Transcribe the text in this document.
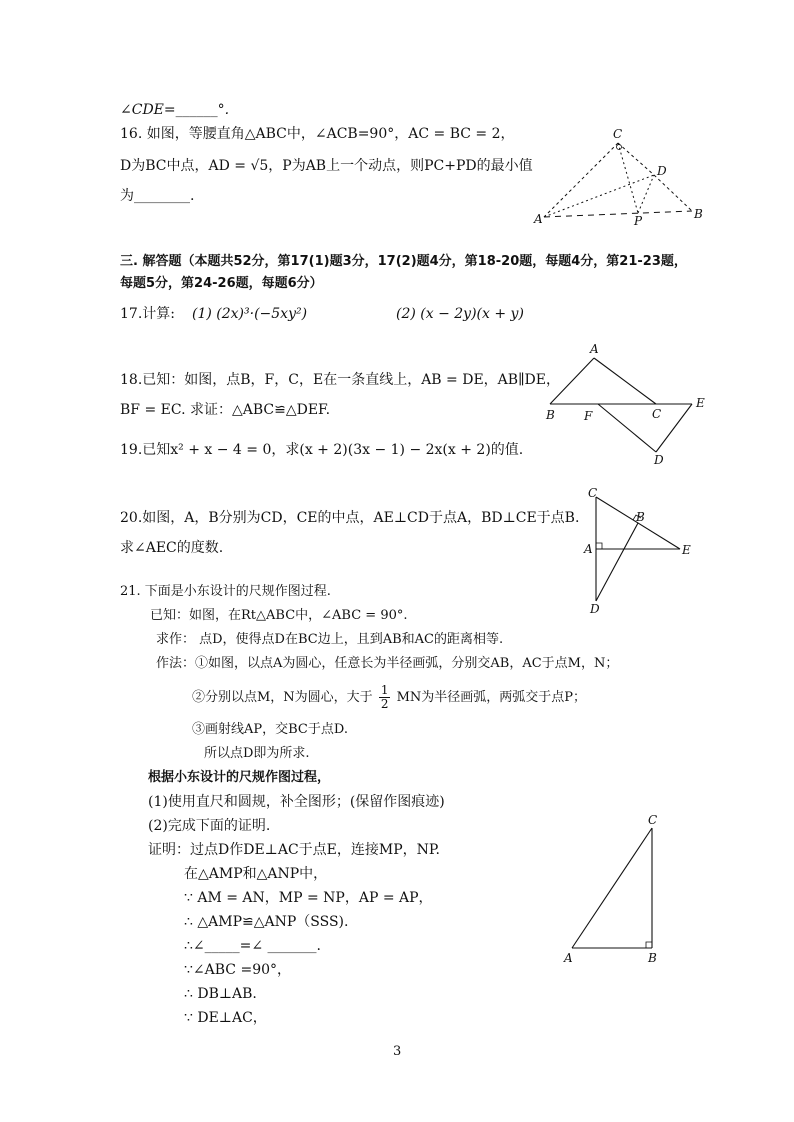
∠CDE=______°.
16. 如图，等腰直角△ABC中，∠ACB=90°，AC = BC = 2，
D为BC中点，AD = √5，P为AB上一个动点，则PC+PD的最小值
为________.
C
D
A	P	B
三. 解答题（本题共52分，第17(1)题3分，17(2)题4分，第18-20题，每题4分，第21-23题，
每题5分，第24-26题，每题6分）
17.计算: (1) (2x)³·(−5xy²)	(2) (x − 2y)(x + y)
18.已知：如图，点B，F，C，E在一条直线上，AB = DE，AB∥DE，
BF = EC. 求证：△ABC≌△DEF.
A
B F	C
E
D
19.已知x² + x − 4 = 0，求(x + 2)(3x − 1) − 2x(x + 2)的值.
20.如图，A，B分别为CD，CE的中点，AE⊥CD于点A，BD⊥CE于点B.
求∠AEC的度数.
C
B
A	E
D
21. 下面是小东设计的尺规作图过程.
已知：如图，在Rt△ABC中，∠ABC = 90°.
求作： 点D，使得点D在BC边上，且到AB和AC的距离相等.
作法：①如图，以点A为圆心，任意长为半径画弧，分别交AB，AC于点M，N；
②分别以点M，N为圆心，大于 $\frac{1}{2}$ MN为半径画弧，两弧交于点P；
③画射线AP，交BC于点D.
所以点D即为所求.
根据小东设计的尺规作图过程，
(1)使用直尺和圆规，补全图形；(保留作图痕迹)
(2)完成下面的证明.
证明：过点D作DE⊥AC于点E，连接MP，NP.
在△AMP和△ANP中，
∵ AM = AN，MP = NP，AP = AP，
∴ △AMP≌△ANP（SSS).
∴∠_____=∠ _______.
∵∠ABC =90°，
∴ DB⊥AB.
∵ DE⊥AC，
C
A	B
3
